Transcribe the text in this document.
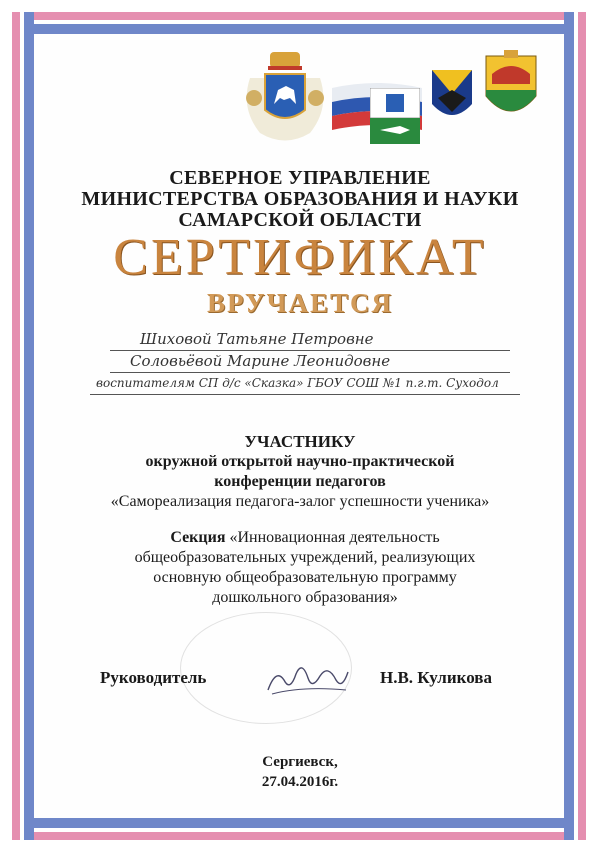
СЕВЕРНОЕ УПРАВЛЕНИЕ
МИНИСТЕРСТВА ОБРАЗОВАНИЯ И НАУКИ
САМАРСКОЙ ОБЛАСТИ
СЕРТИФИКАТ
ВРУЧАЕТСЯ
Шиховой Татьяне Петровне
Соловьёвой Марине Леонидовне
воспитателям СП д/с «Сказка» ГБОУ СОШ №1 п.г.т. Суходол
УЧАСТНИКУ
окружной открытой научно-практической
конференции педагогов
«Самореализация педагога-залог успешности ученика»
Секция «Инновационная деятельность
общеобразовательных учреждений, реализующих
основную общеобразовательную программу
дошкольного образования»
Руководитель	Н.В. Куликова
Сергиевск,
27.04.2016г.
